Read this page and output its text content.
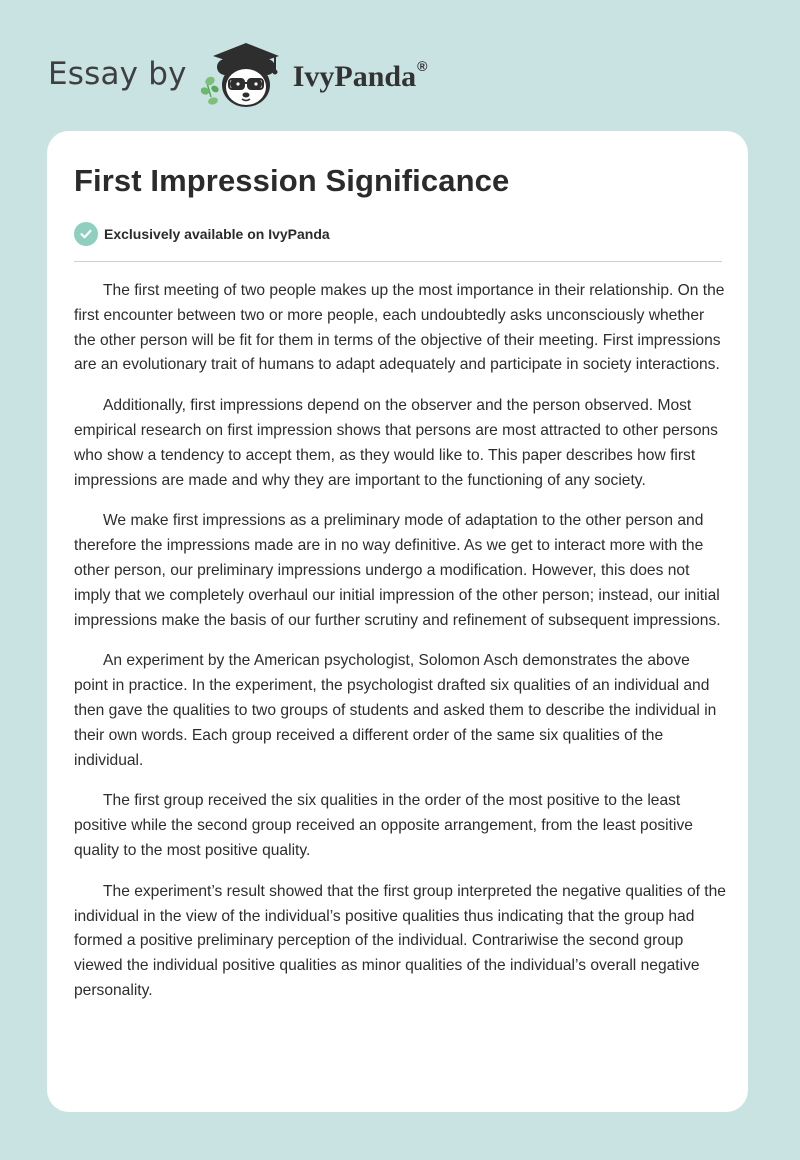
Essay by	IvyPanda®
First Impression Significance
Exclusively available on IvyPanda

The first meeting of two people makes up the most importance in their relationship. On the first encounter between two or more people, each undoubtedly asks unconsciously whether the other person will be fit for them in terms of the objective of their meeting. First impressions are an evolutionary trait of humans to adapt adequately and participate in society interactions.

Additionally, first impressions depend on the observer and the person observed. Most empirical research on first impression shows that persons are most attracted to other persons who show a tendency to accept them, as they would like to. This paper describes how first impressions are made and why they are important to the functioning of any society.

We make first impressions as a preliminary mode of adaptation to the other person and therefore the impressions made are in no way definitive. As we get to interact more with the other person, our preliminary impressions undergo a modification. However, this does not imply that we completely overhaul our initial impression of the other person; instead, our initial impressions make the basis of our further scrutiny and refinement of subsequent impressions.

An experiment by the American psychologist, Solomon Asch demonstrates the above point in practice. In the experiment, the psychologist drafted six qualities of an individual and then gave the qualities to two groups of students and asked them to describe the individual in their own words. Each group received a different order of the same six qualities of the individual.

The first group received the six qualities in the order of the most positive to the least positive while the second group received an opposite arrangement, from the least positive quality to the most positive quality.

The experiment’s result showed that the first group interpreted the negative qualities of the individual in the view of the individual’s positive qualities thus indicating that the group had formed a positive preliminary perception of the individual. Contrariwise the second group viewed the individual positive qualities as minor qualities of the individual’s overall negative personality.
